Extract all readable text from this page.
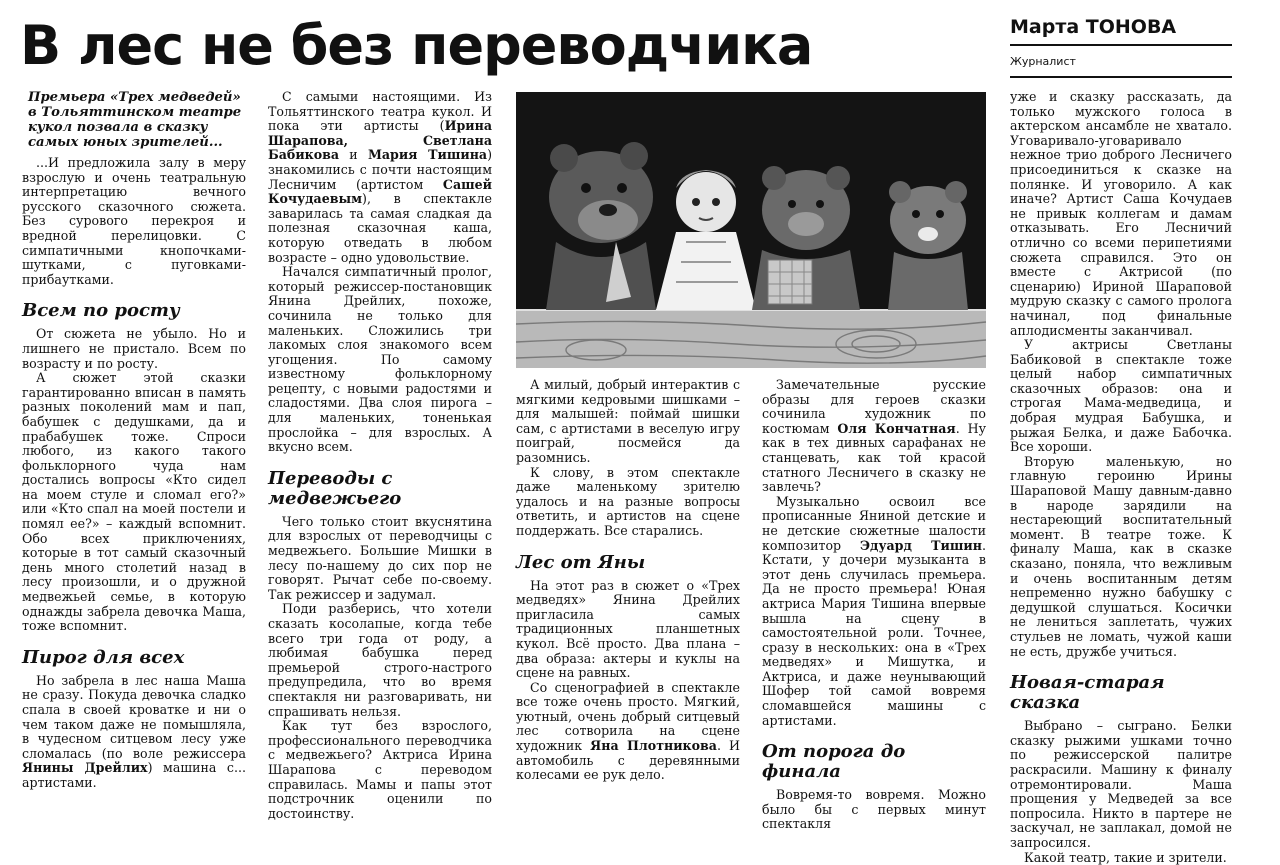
В лес не без переводчика	Марта ТОНОВА
Журналист

Премьера «Трех медведей» в Тольяттинском театре кукол позвала в сказку самых юных зрителей...

...И предложила залу в меру взрослую и очень театральную интерпретацию вечного русского сказочного сюжета. Без сурового перекроя и вредной перелицовки. С симпатичными кнопочками-шутками, с пуговками-прибаутками.

Всем по росту

От сюжета не убыло. Но и лишнего не пристало. Всем по возрасту и по росту.

А сюжет этой сказки гарантированно вписан в память разных поколений мам и пап, бабушек с дедушками, да и прабабушек тоже. Спроси любого, из какого такого фольклорного чуда нам достались вопросы «Кто сидел на моем стуле и сломал его?» или «Кто спал на моей постели и помял ее?» – каждый вспомнит. Обо всех приключениях, которые в тот самый сказочный день много столетий назад в лесу произошли, и о дружной медвежьей семье, в которую однажды забрела девочка Маша, тоже вспомнит.

Пирог для всех

Но забрела в лес наша Маша не сразу. Покуда девочка сладко спала в своей кроватке и ни о чем таком даже не помышляла, в чудесном ситцевом лесу уже сломалась (по воле режиссера Янины Дрейлих) машина с... артистами.

С самыми настоящими. Из Тольяттинского театра кукол. И пока эти артисты (Ирина Шарапова, Светлана Бабикова и Мария Тишина) знакомились с почти настоящим Лесничим (артистом Сашей Кочудаевым), в спектакле заварилась та самая сладкая да полезная сказочная каша, которую отведать в любом возрасте – одно удовольствие.

Начался симпатичный пролог, который режиссер-постановщик Янина Дрейлих, похоже, сочинила не только для маленьких. Сложились три лакомых слоя знакомого всем угощения. По самому известному фольклорному рецепту, с новыми радостями и сладостями. Два слоя пирога – для маленьких, тоненькая прослойка – для взрослых. А вкусно всем.

Переводы с медвежьего

Чего только стоит вкуснятина для взрослых от переводчицы с медвежьего. Большие Мишки в лесу по-нашему до сих пор не говорят. Рычат себе по-своему. Так режиссер и задумал.

Поди разберись, что хотели сказать косолапые, когда тебе всего три года от роду, а любимая бабушка перед премьерой строго-настрого предупредила, что во время спектакля ни разговаривать, ни спрашивать нельзя.

Как тут без взрослого, профессионального переводчика с медвежьего? Актриса Ирина Шарапова с переводом справилась. Мамы и папы этот подстрочник оценили по достоинству.

А милый, добрый интерактив с мягкими кедровыми шишками – для малышей: поймай шишки сам, с артистами в веселую игру поиграй, посмейся да разомнись.

К слову, в этом спектакле даже маленькому зрителю удалось и на разные вопросы ответить, и артистов на сцене поддержать. Все старались.

Лес от Яны

На этот раз в сюжет о «Трех медведях» Янина Дрейлих пригласила самых традиционных планшетных кукол. Всё просто. Два плана – два образа: актеры и куклы на сцене на равных.

Со сценографией в спектакле все тоже очень просто. Мягкий, уютный, очень добрый ситцевый лес сотворила на сцене художник Яна Плотникова. И автомобиль с деревянными колесами ее рук дело.

Замечательные русские образы для героев сказки сочинила художник по костюмам Оля Кончатная. Ну как в тех дивных сарафанах не станцевать, как той красой статного Лесничего в сказку не завлечь?

Музыкально освоил все прописанные Яниной детские и не детские сюжетные шалости композитор Эдуард Тишин. Кстати, у дочери музыканта в этот день случилась премьера. Да не просто премьера! Юная актриса Мария Тишина впервые вышла на сцену в самостоятельной роли. Точнее, сразу в нескольких: она в «Трех медведях» и Мишутка, и Актриса, и даже неунывающий Шофер той самой вовремя сломавшейся машины с артистами.

От порога до финала

Вовремя-то вовремя. Можно было бы с первых минут спектакля

уже и сказку рассказать, да только мужского голоса в актерском ансамбле не хватало. Уговаривало-уговаривало нежное трио доброго Лесничего присоединиться к сказке на полянке. И уговорило. А как иначе? Артист Саша Кочудаев не привык коллегам и дамам отказывать. Его Лесничий отлично со всеми перипетиями сюжета справился. Это он вместе с Актрисой (по сценарию) Ириной Шараповой мудрую сказку с самого пролога начинал, под финальные аплодисменты заканчивал.

У актрисы Светланы Бабиковой в спектакле тоже целый набор симпатичных сказочных образов: она и строгая Мама-медведица, и добрая мудрая Бабушка, и рыжая Белка, и даже Бабочка. Все хороши.

Вторую маленькую, но главную героиню Ирины Шараповой Машу давным-давно в народе зарядили на нестареющий воспитательный момент. В театре тоже. К финалу Маша, как в сказке сказано, поняла, что вежливым и очень воспитанным детям непременно нужно бабушку с дедушкой слушаться. Косички не лениться заплетать, чужих стульев не ломать, чужой каши не есть, дружбе учиться.

Новая-старая сказка

Выбрано – сыграно. Белки сказку рыжими ушками точно по режиссерской палитре раскрасили. Машину к финалу отремонтировали. Маша прощения у Медведей за все попросила. Никто в партере не заскучал, не заплакал, домой не запросился.

Какой театр, такие и зрители.
